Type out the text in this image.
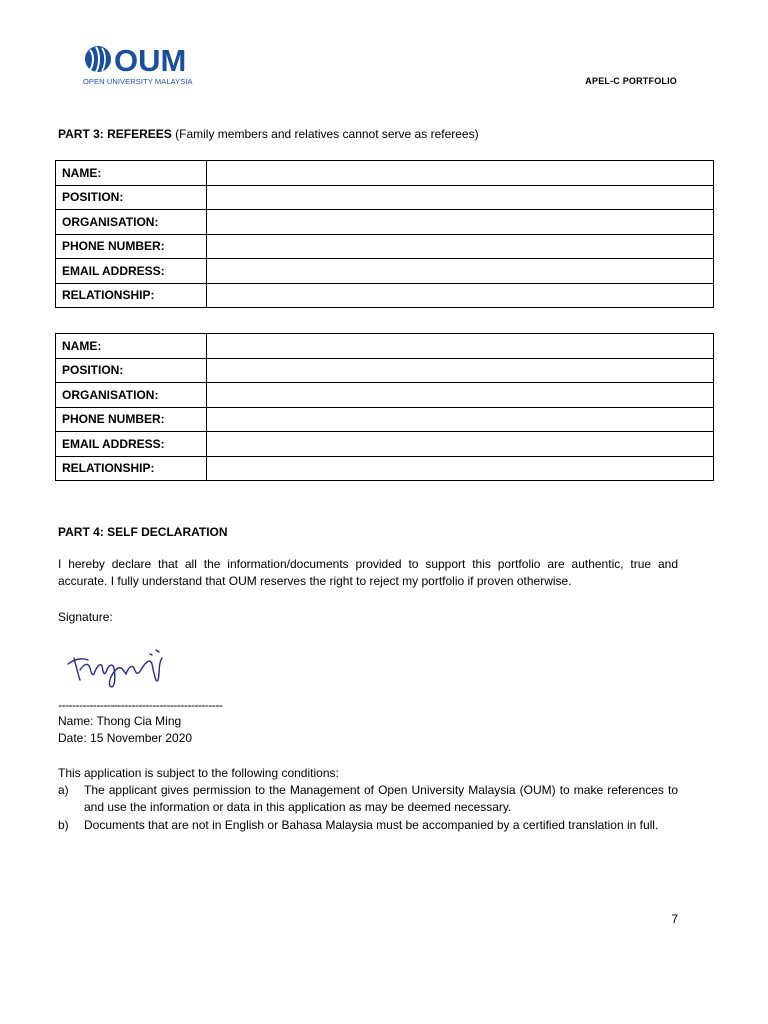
OUM
OPEN UNIVERSITY MALAYSIA	APEL-C PORTFOLIO
PART 3: REFEREES (Family members and relatives cannot serve as referees)
NAME:	
POSITION:	
ORGANISATION:	
PHONE NUMBER:	
EMAIL ADDRESS:	
RELATIONSHIP:	
NAME:	
POSITION:	
ORGANISATION:	
PHONE NUMBER:	
EMAIL ADDRESS:	
RELATIONSHIP:	
PART 4: SELF DECLARATION
I hereby declare that all the information/documents provided to support this portfolio are authentic, true and
accurate. I fully understand that OUM reserves the right to reject my portfolio if proven otherwise.
Signature:
-----------------------------------------------
Name: Thong Cia Ming
Date: 15 November 2020
This application is subject to the following conditions:
a) The applicant gives permission to the Management of Open University Malaysia (OUM) to make references to and use the information or data in this application as may be deemed necessary.
b) Documents that are not in English or Bahasa Malaysia must be accompanied by a certified translation in full.
7
